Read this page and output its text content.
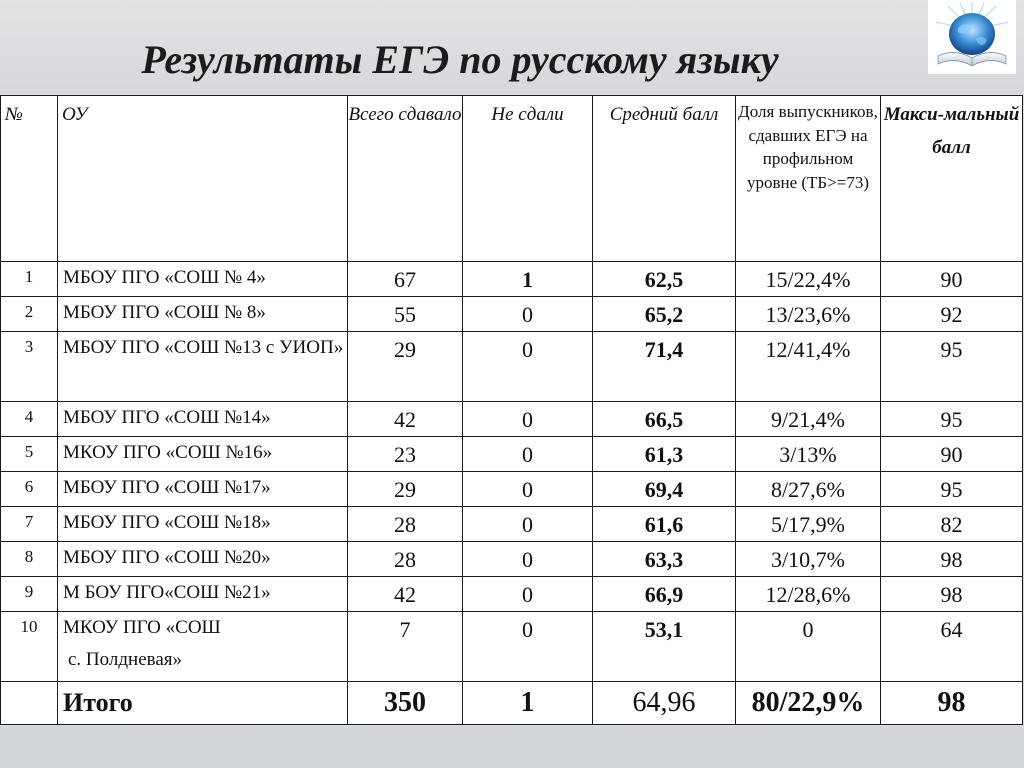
Результаты ЕГЭ по русскому языку
№	ОУ	Всего сдавало	Не сдали	Средний балл	Доля выпускников, сдавших ЕГЭ на профильном уровне (ТБ>=73)	Макси-мальный балл
1	МБОУ ПГО «СОШ № 4»	67	1	62,5	15/22,4%	90
2	МБОУ ПГО «СОШ № 8»	55	0	65,2	13/23,6%	92
3	МБОУ ПГО «СОШ №13 с УИОП»	29	0	71,4	12/41,4%	95
4	МБОУ ПГО «СОШ №14»	42	0	66,5	9/21,4%	95
5	МКОУ ПГО «СОШ №16»	23	0	61,3	3/13%	90
6	МБОУ ПГО «СОШ №17»	29	0	69,4	8/27,6%	95
7	МБОУ ПГО «СОШ №18»	28	0	61,6	5/17,9%	82
8	МБОУ ПГО «СОШ №20»	28	0	63,3	3/10,7%	98
9	М БОУ ПГО«СОШ №21»	42	0	66,9	12/28,6%	98
10	МКОУ ПГО «СОШ
с. Полдневая»	7	0	53,1	0	64
	Итого	350	1	64,96	80/22,9%	98
